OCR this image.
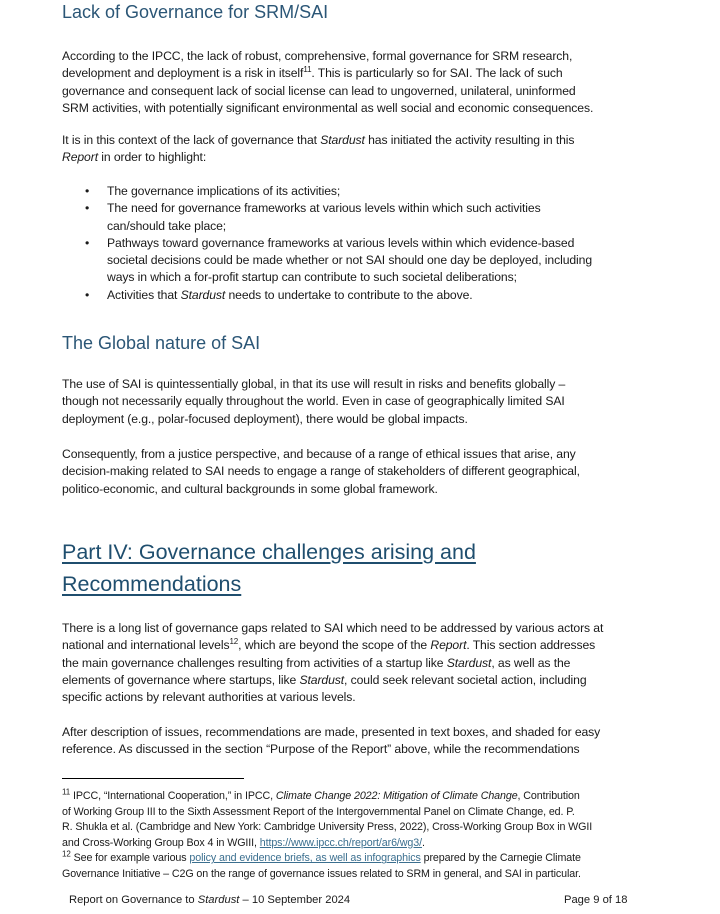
Lack of Governance for SRM/SAI
According to the IPCC, the lack of robust, comprehensive, formal governance for SRM research,
development and deployment is a risk in itself$^{11}$. This is particularly so for SAI. The lack of such
governance and consequent lack of social license can lead to ungoverned, unilateral, uninformed
SRM activities, with potentially significant environmental as well social and economic consequences.
It is in this context of the lack of governance that Stardust has initiated the activity resulting in this
Report in order to highlight:
• The governance implications of its activities;
• The need for governance frameworks at various levels within which such activities
can/should take place;
• Pathways toward governance frameworks at various levels within which evidence-based
societal decisions could be made whether or not SAI should one day be deployed, including
ways in which a for-profit startup can contribute to such societal deliberations;
• Activities that Stardust needs to undertake to contribute to the above.
The Global nature of SAI
The use of SAI is quintessentially global, in that its use will result in risks and benefits globally –
though not necessarily equally throughout the world. Even in case of geographically limited SAI
deployment (e.g., polar-focused deployment), there would be global impacts.
Consequently, from a justice perspective, and because of a range of ethical issues that arise, any
decision-making related to SAI needs to engage a range of stakeholders of different geographical,
politico-economic, and cultural backgrounds in some global framework.
Part IV: Governance challenges arising and
Recommendations
There is a long list of governance gaps related to SAI which need to be addressed by various actors at
national and international levels$^{12}$, which are beyond the scope of the Report. This section addresses
the main governance challenges resulting from activities of a startup like Stardust, as well as the
elements of governance where startups, like Stardust, could seek relevant societal action, including
specific actions by relevant authorities at various levels.
After description of issues, recommendations are made, presented in text boxes, and shaded for easy
reference. As discussed in the section “Purpose of the Report” above, while the recommendations
$^{11}$ IPCC, “International Cooperation,” in IPCC, Climate Change 2022: Mitigation of Climate Change, Contribution
of Working Group III to the Sixth Assessment Report of the Intergovernmental Panel on Climate Change, ed. P.
R. Shukla et al. (Cambridge and New York: Cambridge University Press, 2022), Cross-Working Group Box in WGII
and Cross-Working Group Box 4 in WGIII, https://www.ipcc.ch/report/ar6/wg3/.
$^{12}$ See for example various policy and evidence briefs, as well as infographics prepared by the Carnegie Climate
Governance Initiative – C2G on the range of governance issues related to SRM in general, and SAI in particular.
Report on Governance to Stardust – 10 September 2024	Page 9 of 18
